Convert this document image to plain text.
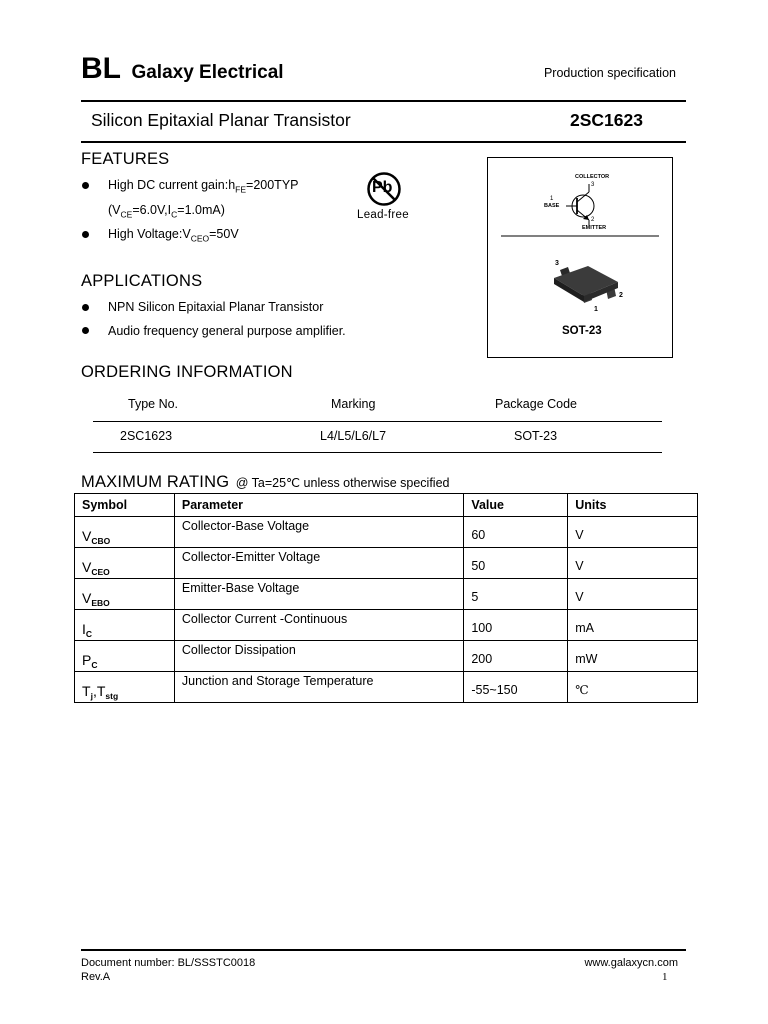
BL Galaxy Electrical	Production specification
Silicon Epitaxial Planar Transistor	2SC1623
FEATURES
High DC current $gain:h_{FE}=200TYP$
$(V_{CE}=6.0V,I_C=1.0mA)$
High $Voltage:V_{CEO}=50V$
Pb
Lead-free
COLLECTOR
3
1
BASE
2
EMITTER
3
2
1
SOT-23
APPLICATIONS
NPN Silicon Epitaxial Planar Transistor
Audio frequency general purpose amplifier.
ORDERING INFORMATION
Type No.	Marking	Package Code
2SC1623	L4/L5/L6/L7	SOT-23
MAXIMUM RATING @ Ta=25℃ unless otherwise specified
Symbol	Parameter	Value	Units

$V_{CBO}$	Collector-Base Voltage	60	V

$V_{CEO}$	Collector-Emitter Voltage	50	V

$V_{EBO}$	Emitter-Base Voltage	5	V

$I_C$	Collector Current -Continuous	100	mA

$P_C$	Collector Dissipation	200	mW

$T_j,T_{stg}$	Junction and Storage Temperature	-55~150	℃
Document number: BL/SSSTC0018
Rev.A
www.galaxycn.com
1
